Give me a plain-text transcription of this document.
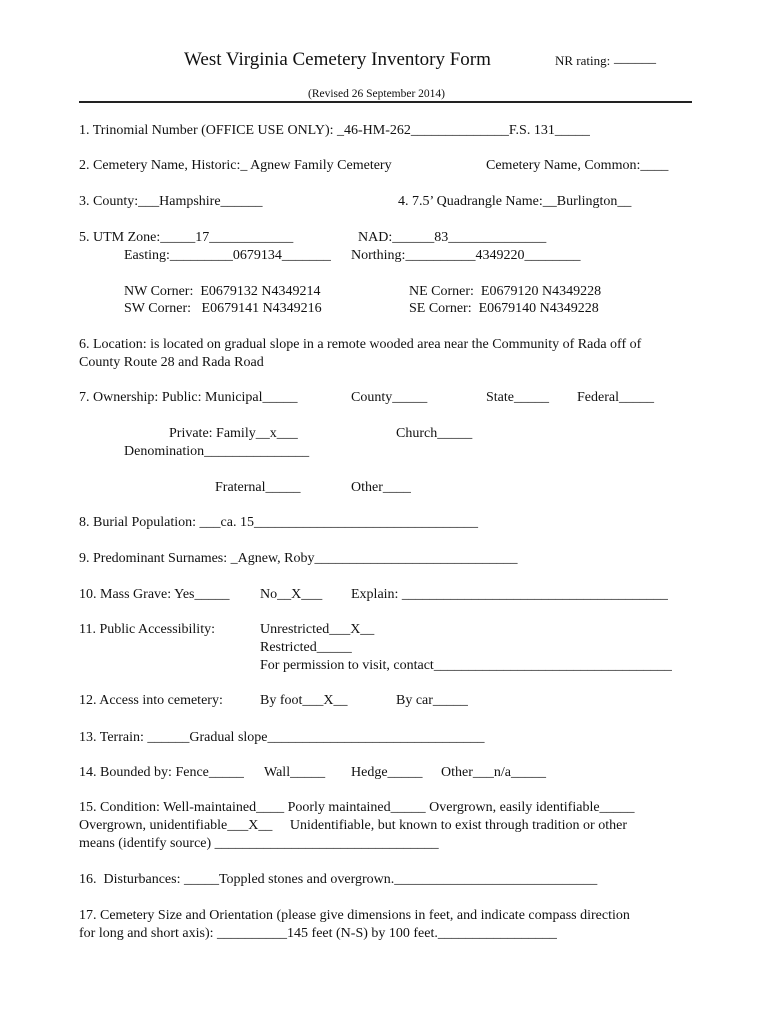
West Virginia Cemetery Inventory Form	NR rating: ______
(Revised 26 September 2014)
1. Trinomial Number (OFFICE USE ONLY): _46-HM-262______________F.S. 131_____
2. Cemetery Name, Historic:_ Agnew Family Cemetery	Cemetery Name, Common:____
3. County:___Hampshire______	4. 7.5’ Quadrangle Name:__Burlington__
5. UTM Zone:_____17____________	NAD:______83______________
Easting:_________0679134_______ Northing:__________4349220________
NW Corner:  E0679132 N4349214	NE Corner:  E0679120 N4349228
SW Corner:   E0679141 N4349216	SE Corner:  E0679140 N4349228
6. Location: is located on gradual slope in a remote wooded area near the Community of Rada off of
County Route 28 and Rada Road
7. Ownership: Public: Municipal_____	County_____	State_____ Federal_____
Private: Family__x___	Church_____
Denomination_______________
Fraternal_____	Other____
8. Burial Population: ___ca. 15________________________________
9. Predominant Surnames: _Agnew, Roby_____________________________
10. Mass Grave: Yes_____ No__X___ Explain: ______________________________________
11. Public Accessibility:	Unrestricted___X__
Restricted_____
For permission to visit, contact__________________________________
12. Access into cemetery:	By foot___X__	By car_____
13. Terrain: ______Gradual slope_______________________________
14. Bounded by: Fence_____ Wall_____ Hedge_____ Other___n/a_____
15. Condition: Well-maintained____ Poorly maintained_____ Overgrown, easily identifiable_____
Overgrown, unidentifiable___X__     Unidentifiable, but known to exist through tradition or other
means (identify source) ________________________________
16.  Disturbances: _____Toppled stones and overgrown._____________________________
17. Cemetery Size and Orientation (please give dimensions in feet, and indicate compass direction
for long and short axis): __________145 feet (N-S) by 100 feet._________________
